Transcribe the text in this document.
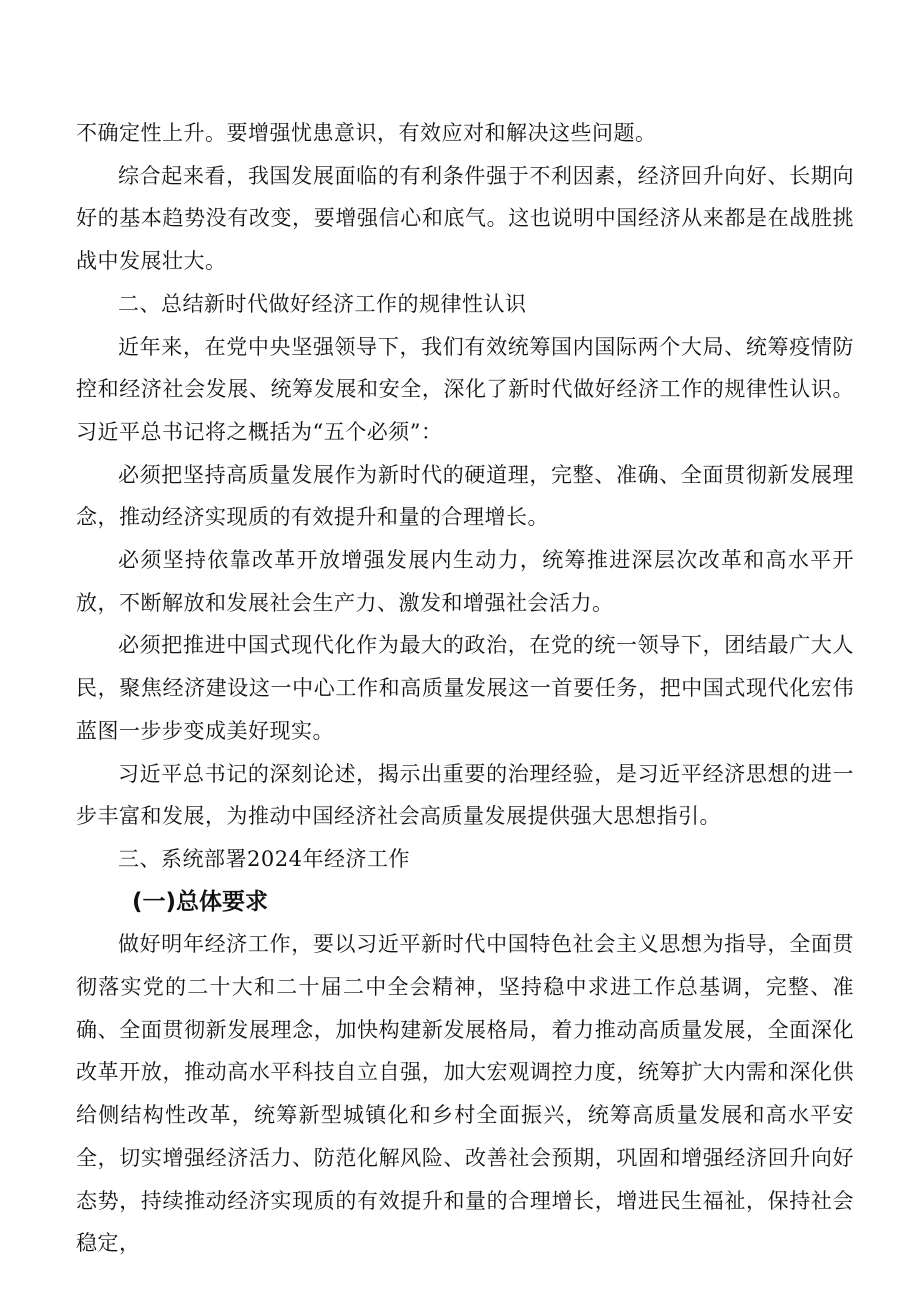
不确定性上升。要增强忧患意识，有效应对和解决这些问题。

综合起来看，我国发展面临的有利条件强于不利因素，经济回升向好、长期向好的基本趋势没有改变，要增强信心和底气。这也说明中国经济从来都是在战胜挑战中发展壮大。

二、总结新时代做好经济工作的规律性认识

近年来，在党中央坚强领导下，我们有效统筹国内国际两个大局、统筹疫情防控和经济社会发展、统筹发展和安全，深化了新时代做好经济工作的规律性认识。习近平总书记将之概括为“五个必须”：

必须把坚持高质量发展作为新时代的硬道理，完整、准确、全面贯彻新发展理念，推动经济实现质的有效提升和量的合理增长。

必须坚持依靠改革开放增强发展内生动力，统筹推进深层次改革和高水平开放，不断解放和发展社会生产力、激发和增强社会活力。

必须把推进中国式现代化作为最大的政治，在党的统一领导下，团结最广大人民，聚焦经济建设这一中心工作和高质量发展这一首要任务，把中国式现代化宏伟蓝图一步步变成美好现实。

习近平总书记的深刻论述，揭示出重要的治理经验，是习近平经济思想的进一步丰富和发展，为推动中国经济社会高质量发展提供强大思想指引。

三、系统部署2024年经济工作

(一)总体要求

做好明年经济工作，要以习近平新时代中国特色社会主义思想为指导，全面贯彻落实党的二十大和二十届二中全会精神，坚持稳中求进工作总基调，完整、准确、全面贯彻新发展理念，加快构建新发展格局，着力推动高质量发展，全面深化改革开放，推动高水平科技自立自强，加大宏观调控力度，统筹扩大内需和深化供给侧结构性改革，统筹新型城镇化和乡村全面振兴，统筹高质量发展和高水平安全，切实增强经济活力、防范化解风险、改善社会预期，巩固和增强经济回升向好态势，持续推动经济实现质的有效提升和量的合理增长，增进民生福祉，保持社会稳定，
